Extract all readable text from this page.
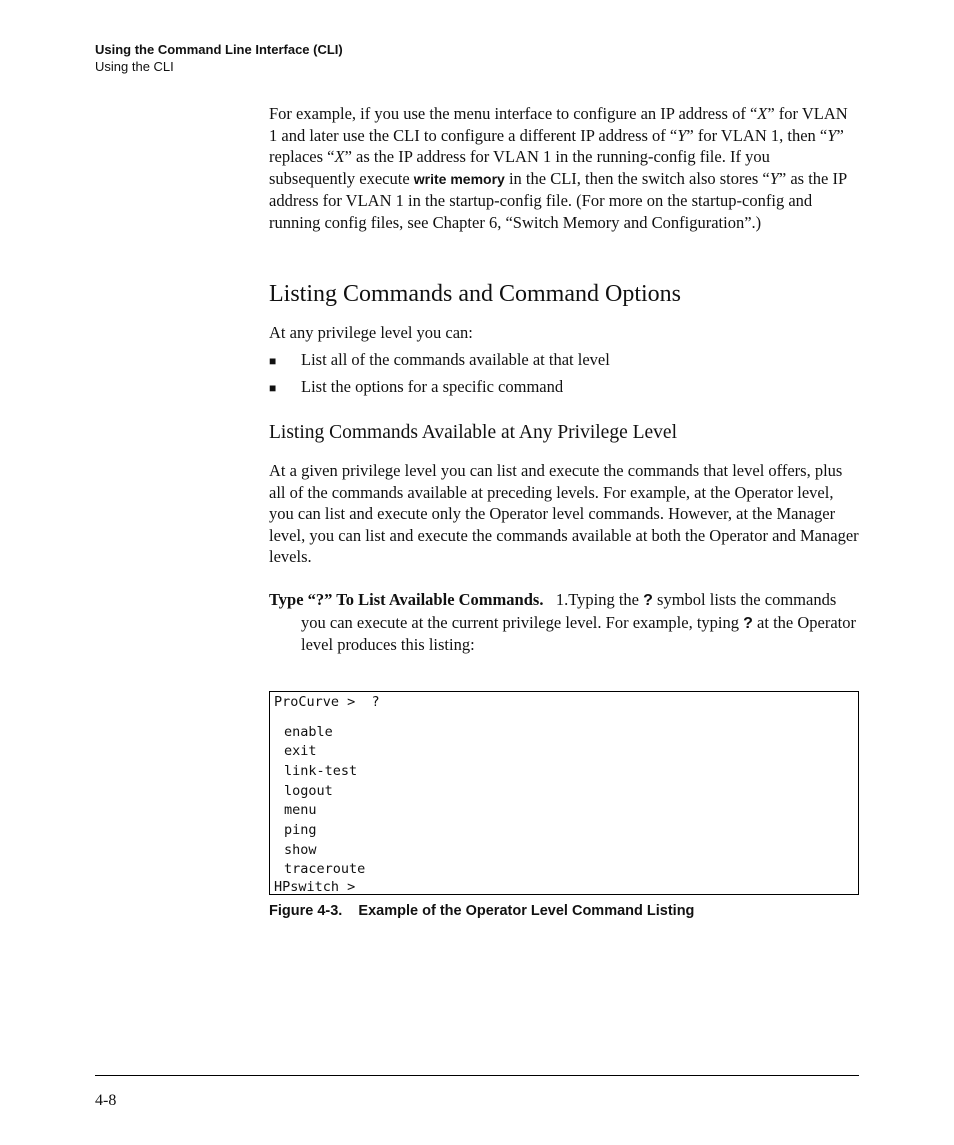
Using the Command Line Interface (CLI)
Using the CLI
For example, if you use the menu interface to configure an IP address of “X” for VLAN 1 and later use the CLI to configure a different IP address of “Y” for VLAN 1, then “Y” replaces “X” as the IP address for VLAN 1 in the running-config file. If you subsequently execute write memory in the CLI, then the switch also stores “Y” as the IP address for VLAN 1 in the startup-config file. (For more on the startup-config and running config files, see Chapter 6, “Switch Memory and Configuration”.)
Listing Commands and Command Options
At any privilege level you can:
■	List all of the commands available at that level
■	List the options for a specific command
Listing Commands Available at Any Privilege Level
At a given privilege level you can list and execute the commands that level offers, plus all of the commands available at preceding levels. For example, at the Operator level, you can list and execute only the Operator level commands. However, at the Manager level, you can list and execute the commands available at both the Operator and Manager levels.
Type “?” To List Available Commands. 1.Typing the ? symbol lists the commands you can execute at the current privilege level. For example, typing ? at the Operator level produces this listing:
ProCurve >  ?
enable
exit
link-test
logout
menu
ping
show
traceroute
HPswitch >
Figure 4-3.    Example of the Operator Level Command Listing
4-8
